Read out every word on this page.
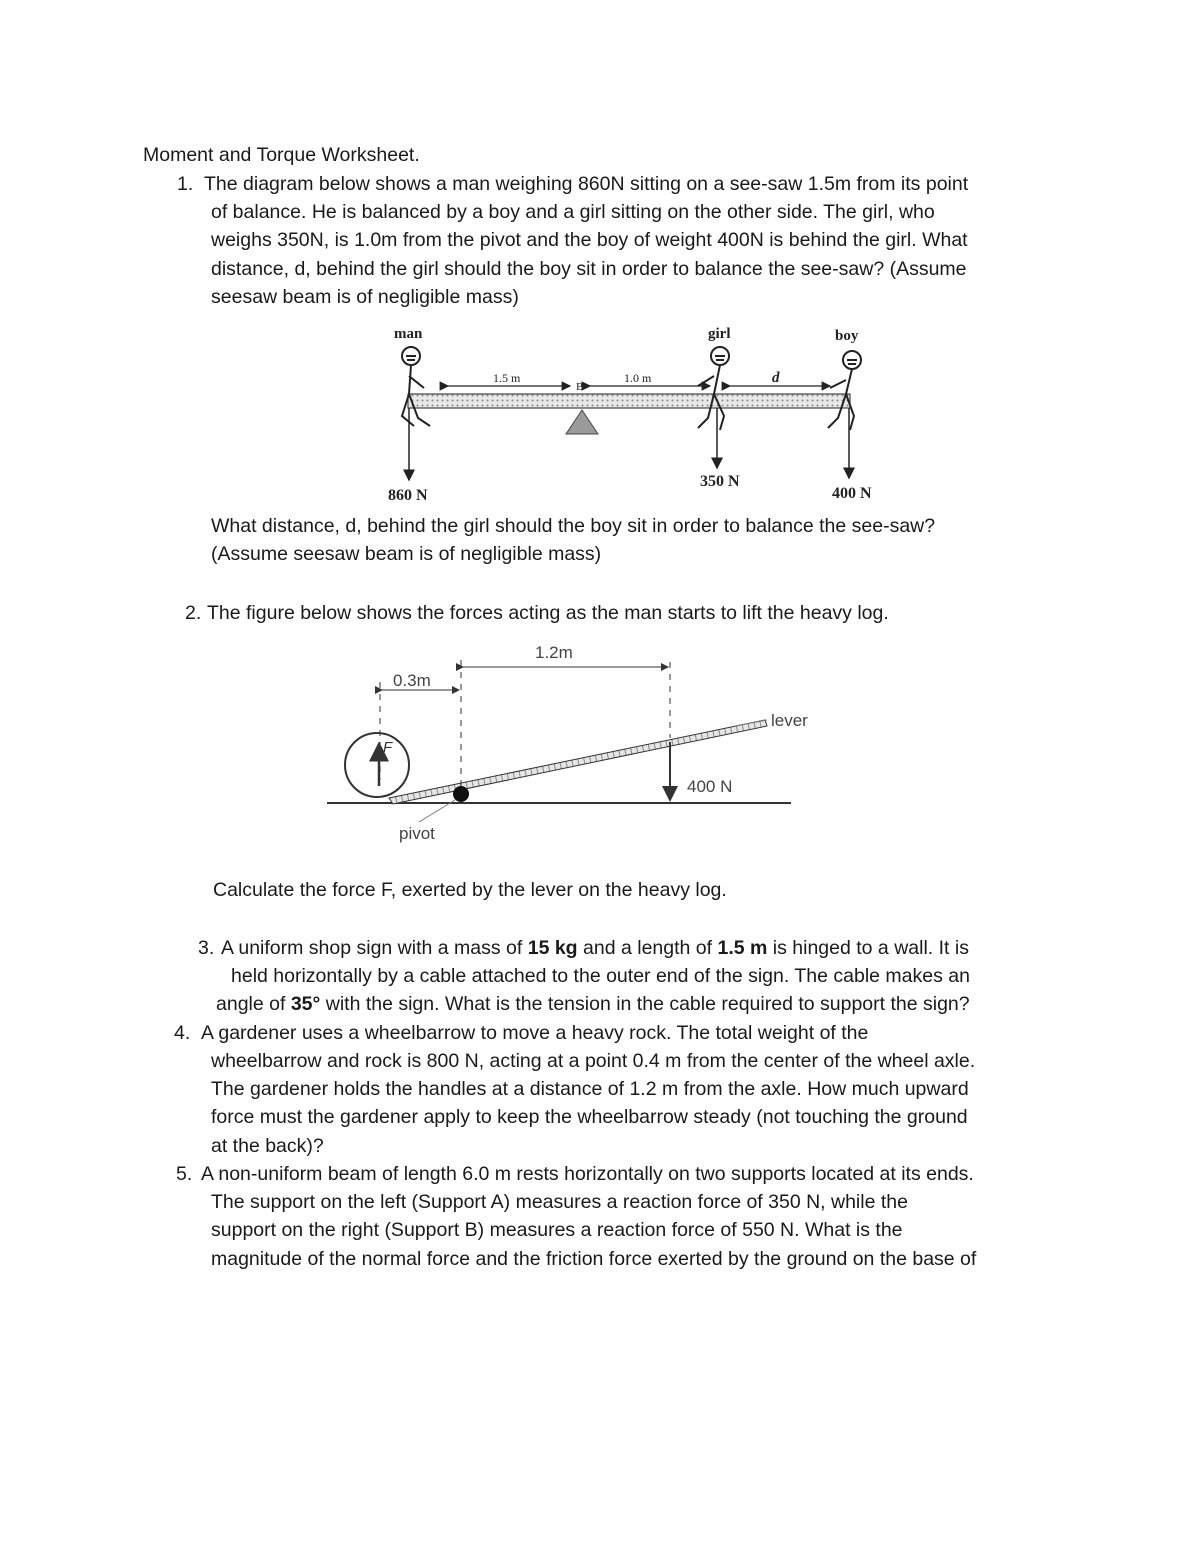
Moment and Torque Worksheet.

1. The diagram below shows a man weighing 860N sitting on a see-saw 1.5m from its point

of balance. He is balanced by a boy and a girl sitting on the other side. The girl, who

weighs 350N, is 1.0m from the pivot and the boy of weight 400N is behind the girl. What

distance, d, behind the girl should the boy sit in order to balance the see-saw? (Assume

seesaw beam is of negligible mass)

man	girl	boy
1.5 m
B
1.0 m	d
860 N
350 N
400 N

What distance, d, behind the girl should the boy sit in order to balance the see-saw?

(Assume seesaw beam is of negligible mass)

2. The figure below shows the forces acting as the man starts to lift the heavy log.

F
1.2m
0.3m
lever
400 N
pivot

Calculate the force F, exerted by the lever on the heavy log.

3. A uniform shop sign with a mass of 15 kg and a length of 1.5 m is hinged to a wall. It is

held horizontally by a cable attached to the outer end of the sign. The cable makes an

angle of 35° with the sign. What is the tension in the cable required to support the sign?

4. A gardener uses a wheelbarrow to move a heavy rock. The total weight of the

wheelbarrow and rock is 800 N, acting at a point 0.4 m from the center of the wheel axle.

The gardener holds the handles at a distance of 1.2 m from the axle. How much upward

force must the gardener apply to keep the wheelbarrow steady (not touching the ground

at the back)?

5. A non-uniform beam of length 6.0 m rests horizontally on two supports located at its ends.

The support on the left (Support A) measures a reaction force of 350 N, while the

support on the right (Support B) measures a reaction force of 550 N. What is the

magnitude of the normal force and the friction force exerted by the ground on the base of
